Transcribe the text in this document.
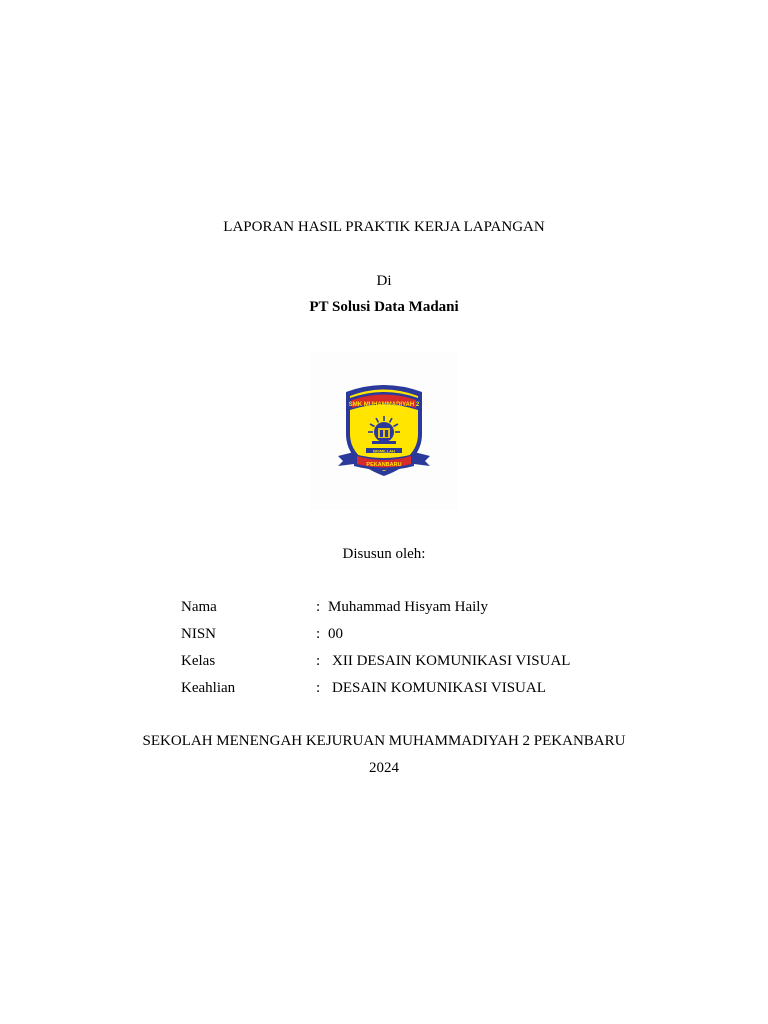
LAPORAN HASIL PRAKTIK KERJA LAPANGAN
Di
PT Solusi Data Madani
SMK MUHAMMADIYAH 2
BISMILLAH
PEKANBARU
Disusun oleh:
Nama	: Muhammad Hisyam Haily
NISN	: 00
Kelas	: XII DESAIN KOMUNIKASI VISUAL
Keahlian	: DESAIN KOMUNIKASI VISUAL
SEKOLAH MENENGAH KEJURUAN MUHAMMADIYAH 2 PEKANBARU
2024
